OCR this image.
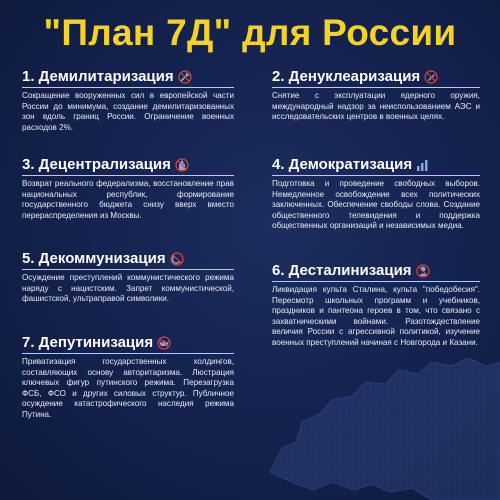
"План 7Д" для России
1. Демилитаризация

Сокращение вооруженных сил в европейской части России до минимума, создание демилитаризованных зон вдоль границ России. Ограничение военных расходов 2%.

2. Денуклеаризация

Снятие с эксплуатации ядерного оружия, международный надзор за неиспользованием АЭС и исследовательских центров в военных целях.

3. Децентрализация

Возврат реального федерализма, восстановление прав национальных республик, формирование государственного бюджета снизу вверх вместо перераспределения из Москвы.

4. Демократизация

Подготовка и проведение свободных выборов. Немедленное освобождение всех политических заключенных. Обеспечение свободы слова. Создание общественного телевидения и поддержка общественных организаций и независимых медиа.

5. Декоммунизация

Осуждение преступлений коммунистического режима наряду с нацистским. Запрет коммунистической, фашистской, ультраправой символики.

6. Десталинизация

Ликвидация культа Сталина, культа "победобесия". Пересмотр школьных программ и учебников, праздников и пантеона героев в том, что связано с захватническими войнами. Разотождествление величия России с агрессивной политикой, изучение военных преступлений начиная с Новгорода и Казани.

7. Депутинизация

Приватизация государственных холдингов, составляющих основу авторитаризма. Люстрация ключевых фигур путинского режима. Перезагрузка ФСБ, ФСО и других силовых структур. Публичное осуждение катастрофического наследия режима Путина.
